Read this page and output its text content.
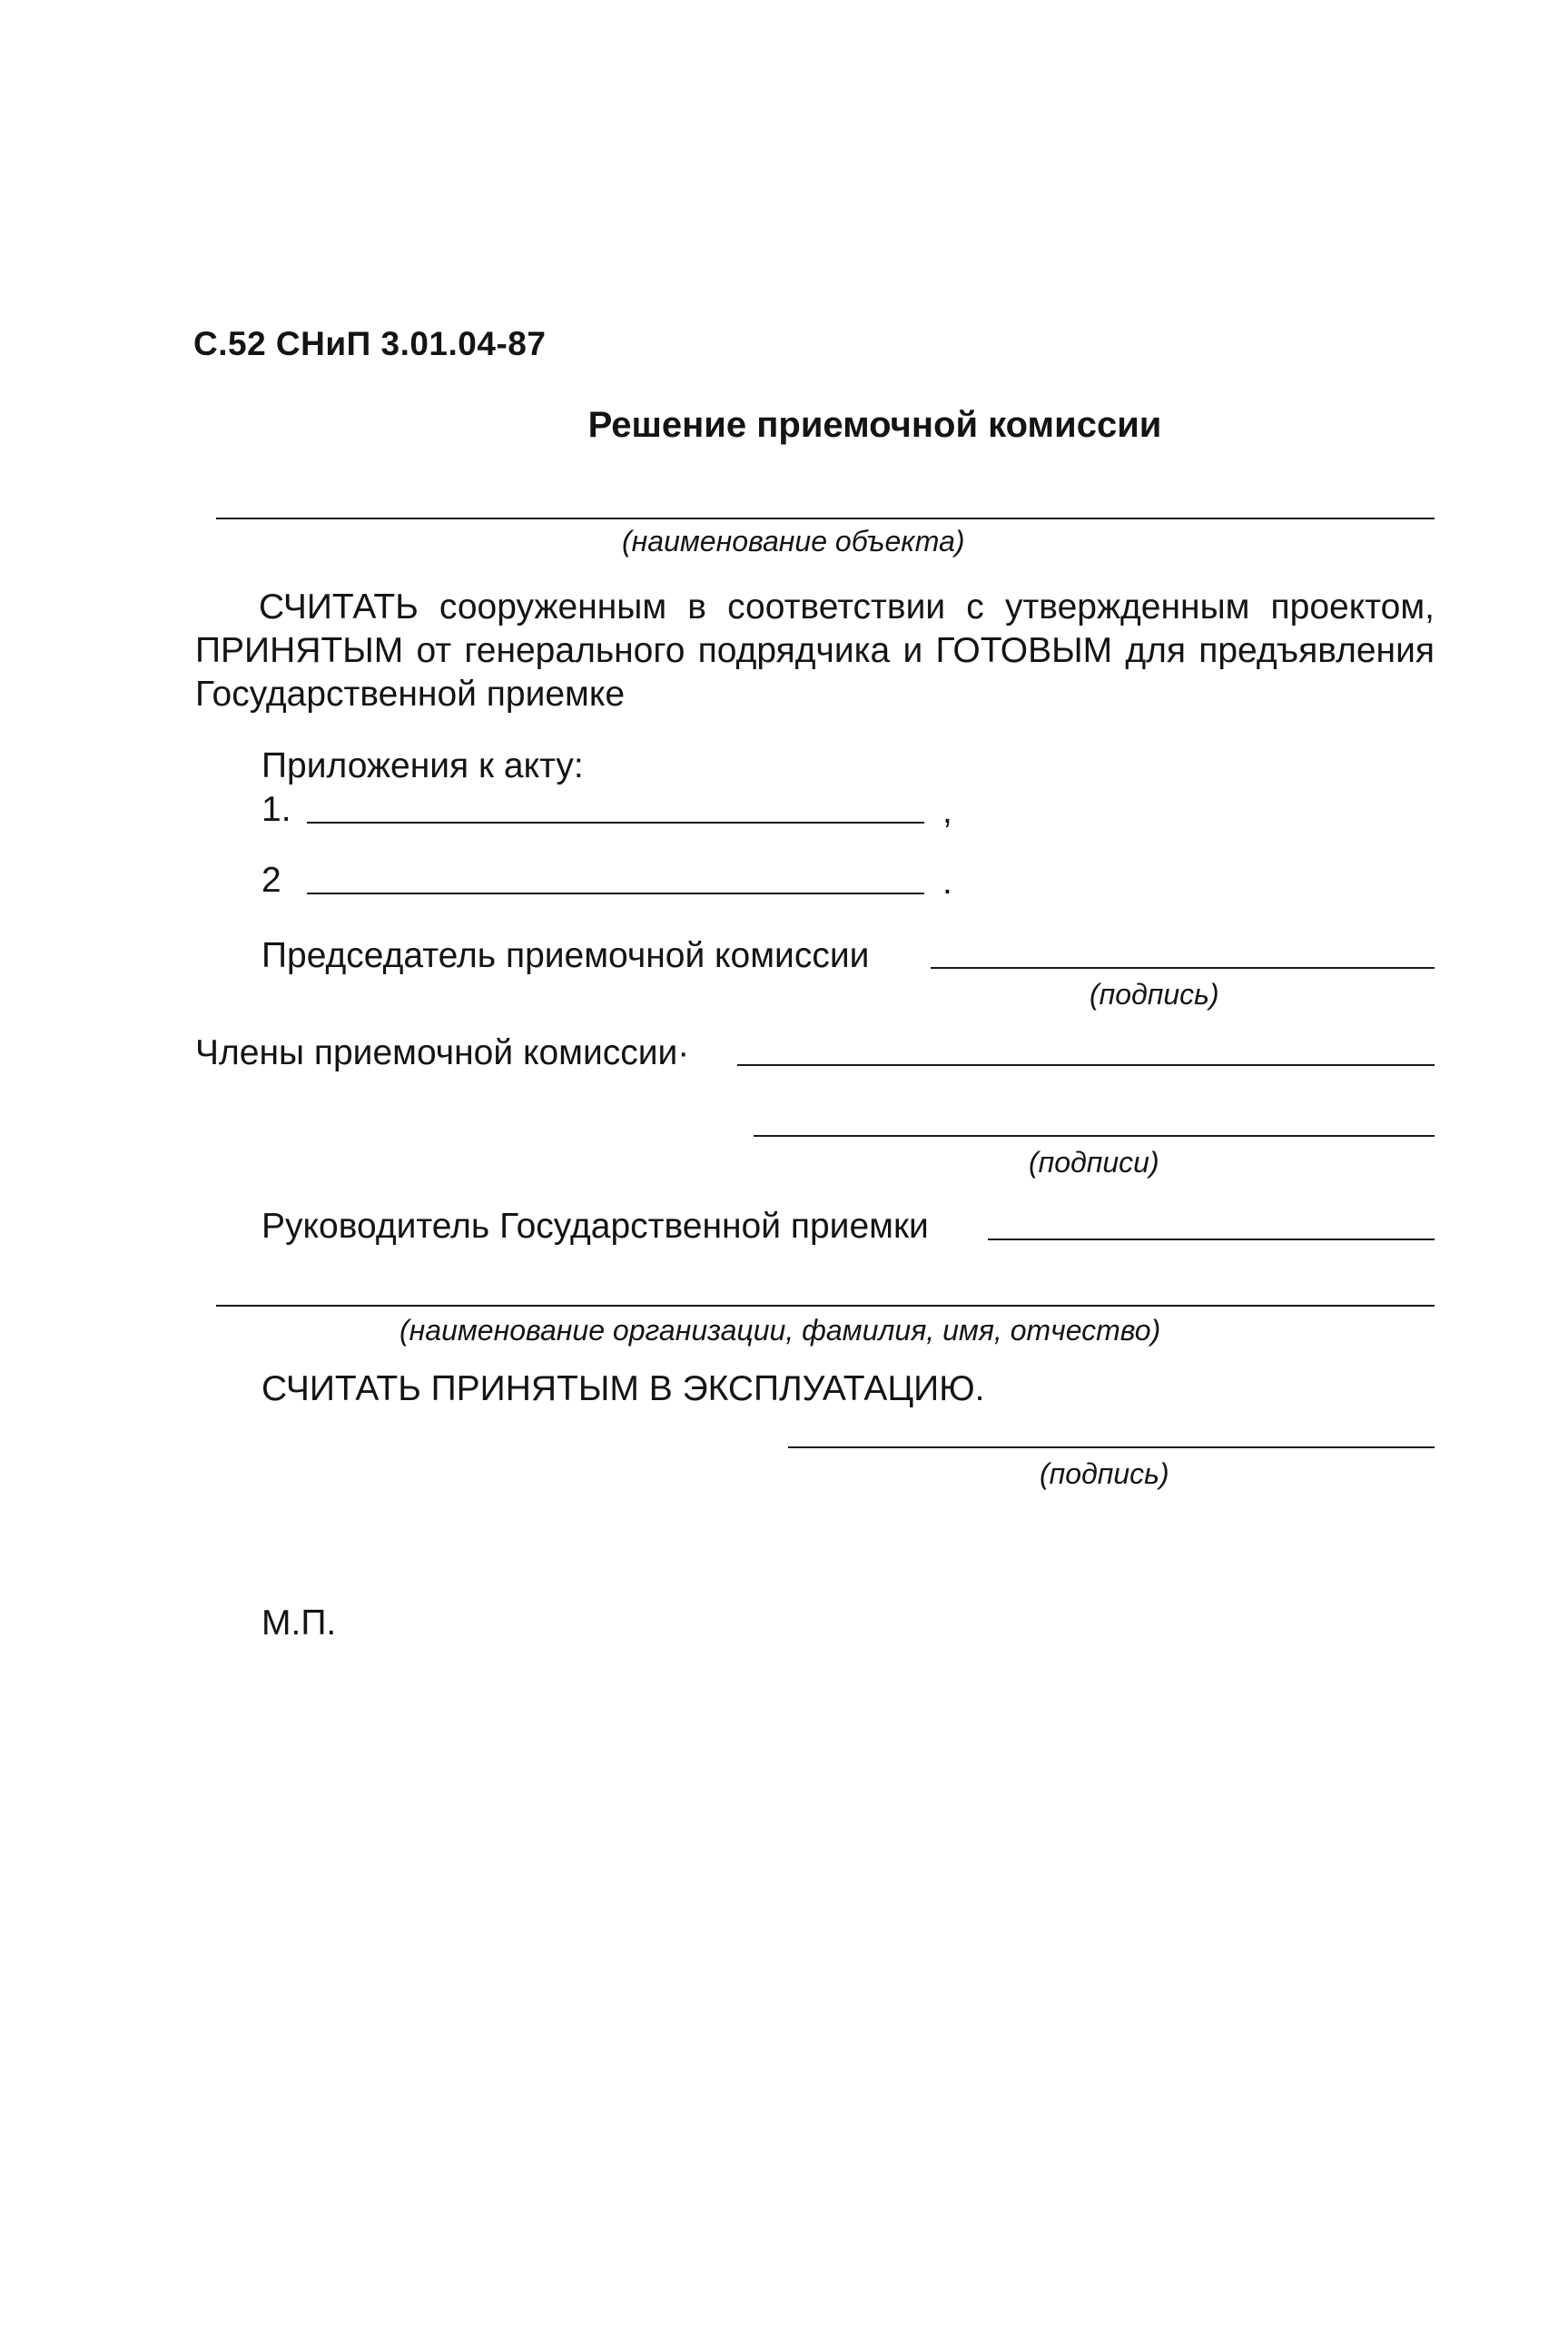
С.52 СНиП 3.01.04-87
Решение приемочной комиссии
(наименование объекта)
СЧИТАТЬ сооруженным в соответствии с утвержденным проектом,
ПРИНЯТЫМ от генерального подрядчика и ГОТОВЫМ для предъявления
Государственной приемке
Приложения к акту:
1.	,
2	.
Председатель приемочной комиссии
(подпись)
Члены приемочной комиссии·
(подписи)
Руководитель Государственной приемки
(наименование организации, фамилия, имя, отчество)
СЧИТАТЬ ПРИНЯТЫМ В ЭКСПЛУАТАЦИЮ.
(подпись)
М.П.
